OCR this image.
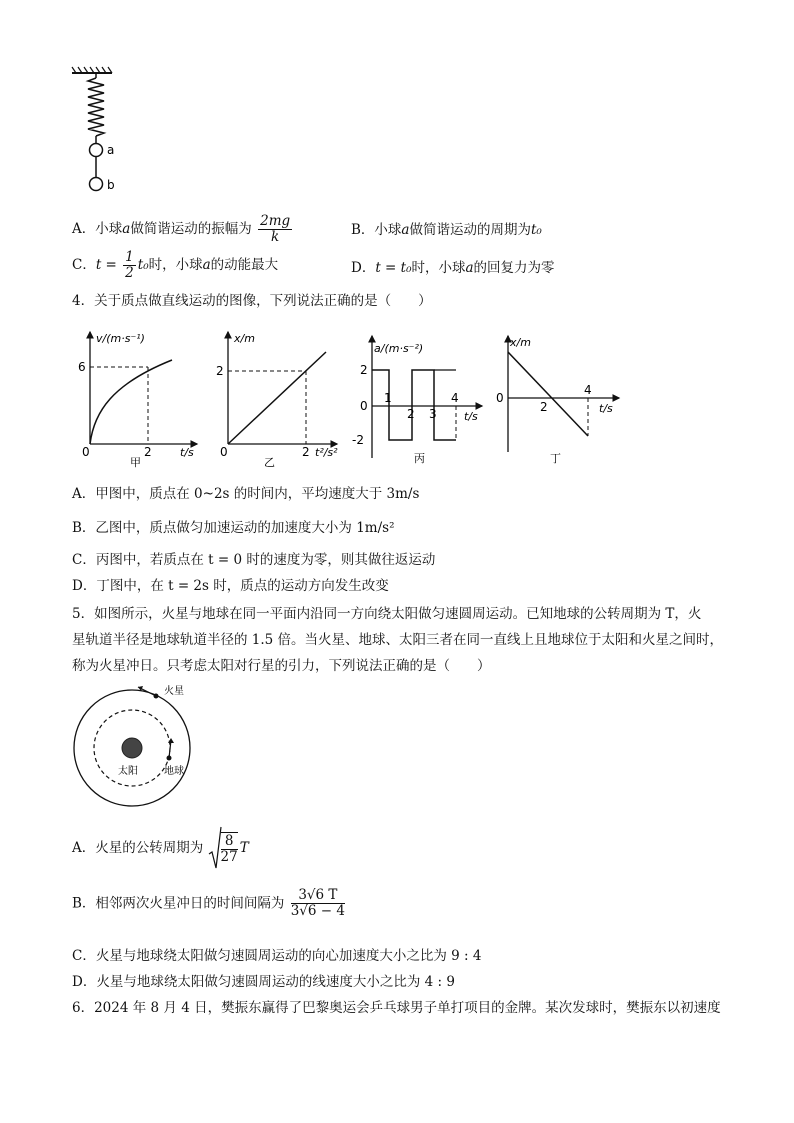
a
b
A．小球a做简谐运动的振幅为 $\frac{2mg}{k}$	B．小球a做简谐运动的周期为t₀
C．$t = \frac{1}{2} t_0$时，小球a的动能最大	D．t = t₀时，小球a的回复力为零
4．关于质点做直线运动的图像，下列说法正确的是（　　）
v/(m·s⁻¹)
6
0	2	t/s
甲
x/m
2
0	2 t²/s²
乙
a/(m·s⁻²)
2
0
-2
1
2 3
4
t/s
丙
x/m
0
2
4
t/s
丁
A．甲图中，质点在 0~2s 的时间内，平均速度大于 3m/s
B．乙图中，质点做匀加速运动的加速度大小为 1m/s²
C．丙图中，若质点在 t = 0 时的速度为零，则其做往返运动
D．丁图中，在 t = 2s 时，质点的运动方向发生改变
5．如图所示，火星与地球在同一平面内沿同一方向绕太阳做匀速圆周运动。已知地球的公转周期为 T，火
星轨道半径是地球轨道半径的 1.5 倍。当火星、地球、太阳三者在同一直线上且地球位于太阳和火星之间时，
称为火星冲日。只考虑太阳对行星的引力，下列说法正确的是（　　）
火星
太阳	地球
A．火星的公转周期为 $\frac{8}{27}$ T
B．相邻两次火星冲日的时间间隔为 $\frac{3√6 T}{3√6 - 4}$
C．火星与地球绕太阳做匀速圆周运动的向心加速度大小之比为 9 : 4
D．火星与地球绕太阳做匀速圆周运动的线速度大小之比为 4 : 9
6．2024 年 8 月 4 日，樊振东赢得了巴黎奥运会乒乓球男子单打项目的金牌。某次发球时，樊振东以初速度
